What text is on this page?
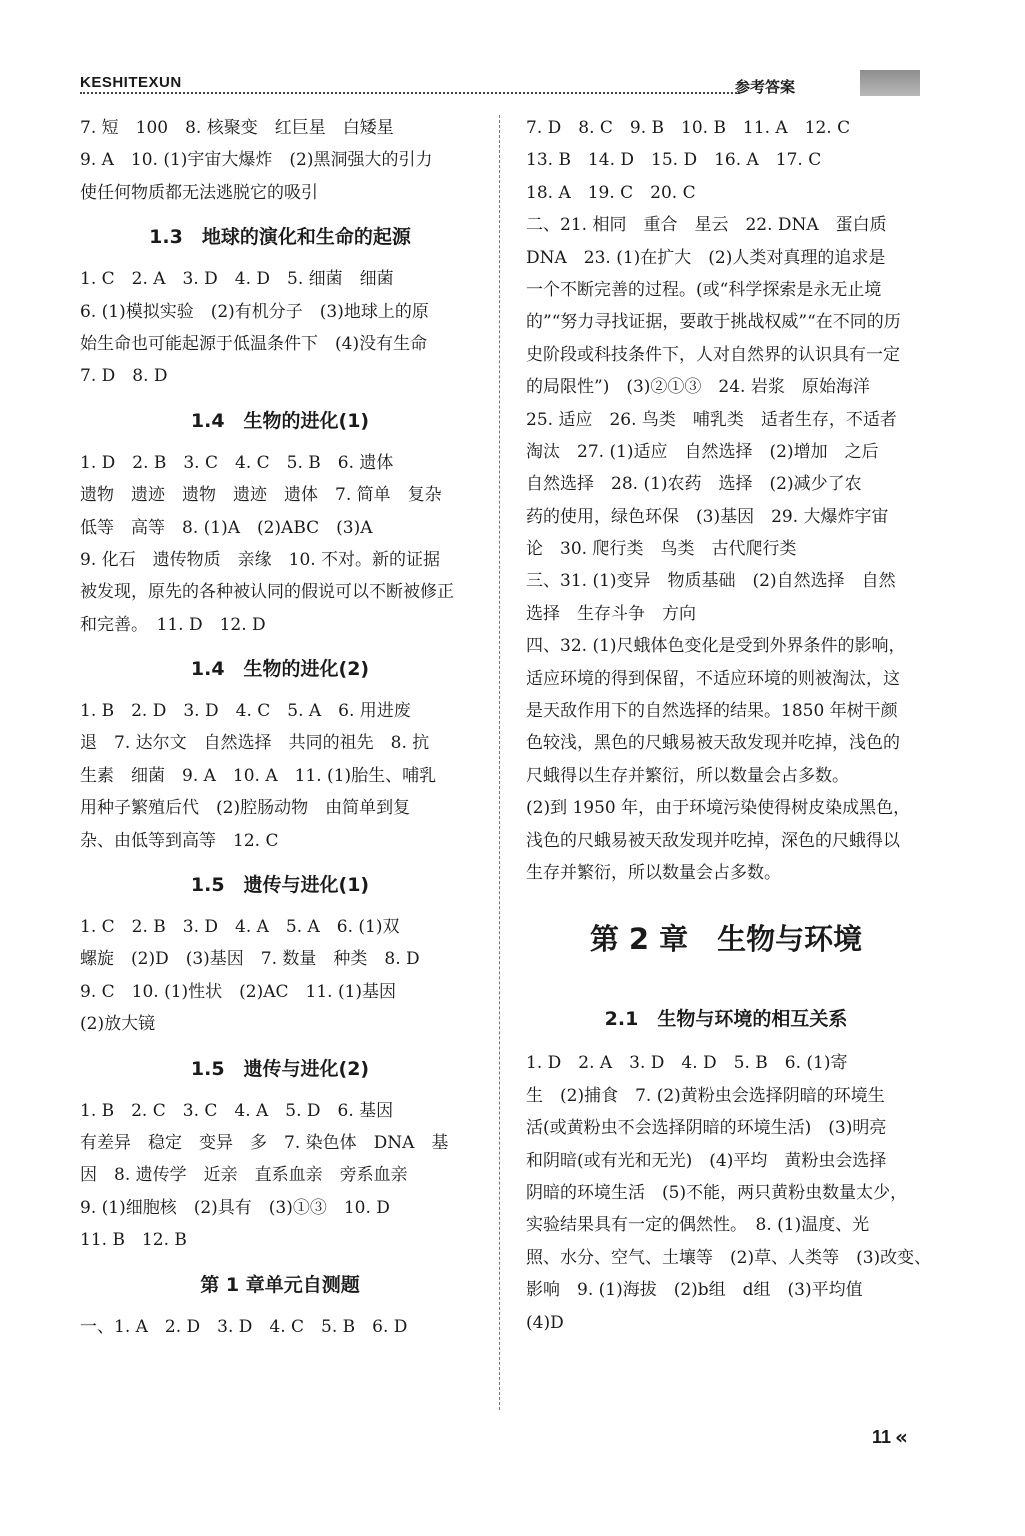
KESHITEXUN	参考答案
7. 短　100　8. 核聚变　红巨星　白矮星
9. A　10. (1)宇宙大爆炸　(2)黑洞强大的引力
使任何物质都无法逃脱它的吸引
1.3　地球的演化和生命的起源
1. C　2. A　3. D　4. D　5. 细菌　细菌
6. (1)模拟实验　(2)有机分子　(3)地球上的原
始生命也可能起源于低温条件下　(4)没有生命
7. D　8. D
1.4　生物的进化(1)
1. D　2. B　3. C　4. C　5. B　6. 遗体
遗物　遗迹　遗物　遗迹　遗体　7. 简单　复杂
低等　高等　8. (1)A　(2)ABC　(3)A
9. 化石　遗传物质　亲缘　10. 不对。新的证据
被发现，原先的各种被认同的假说可以不断被修正
和完善。　11. D　12. D
1.4　生物的进化(2)
1. B　2. D　3. D　4. C　5. A　6. 用进废
退　7. 达尔文　自然选择　共同的祖先　8. 抗
生素　细菌　9. A　10. A　11. (1)胎生、哺乳
用种子繁殖后代　(2)腔肠动物　由简单到复
杂、由低等到高等　12. C
1.5　遗传与进化(1)
1. C　2. B　3. D　4. A　5. A　6. (1)双
螺旋　(2)D　(3)基因　7. 数量　种类　8. D
9. C　10. (1)性状　(2)AC　11. (1)基因
(2)放大镜
1.5　遗传与进化(2)
1. B　2. C　3. C　4. A　5. D　6. 基因
有差异　稳定　变异　多　7. 染色体　DNA　基
因　8. 遗传学　近亲　直系血亲　旁系血亲
9. (1)细胞核　(2)具有　(3)①③　10. D
11. B　12. B
第 1 章单元自测题
一、1. A　2. D　3. D　4. C　5. B　6. D
7. D　8. C　9. B　10. B　11. A　12. C
13. B　14. D　15. D　16. A　17. C
18. A　19. C　20. C
二、21. 相同　重合　星云　22. DNA　蛋白质
DNA　23. (1)在扩大　(2)人类对真理的追求是
一个不断完善的过程。(或“科学探索是永无止境
的”“努力寻找证据，要敢于挑战权威”“在不同的历
史阶段或科技条件下，人对自然界的认识具有一定
的局限性”)　(3)②①③　24. 岩浆　原始海洋
25. 适应　26. 鸟类　哺乳类　适者生存，不适者
淘汰　27. (1)适应　自然选择　(2)增加　之后
自然选择　28. (1)农药　选择　(2)减少了农
药的使用，绿色环保　(3)基因　29. 大爆炸宇宙
论　30. 爬行类　鸟类　古代爬行类
三、31. (1)变异　物质基础　(2)自然选择　自然
选择　生存斗争　方向
四、32. (1)尺蛾体色变化是受到外界条件的影响，
适应环境的得到保留，不适应环境的则被淘汰，这
是天敌作用下的自然选择的结果。1850 年树干颜
色较浅，黑色的尺蛾易被天敌发现并吃掉，浅色的
尺蛾得以生存并繁衍，所以数量会占多数。
(2)到 1950 年，由于环境污染使得树皮染成黑色，
浅色的尺蛾易被天敌发现并吃掉，深色的尺蛾得以
生存并繁衍，所以数量会占多数。
第 2 章　生物与环境
2.1　生物与环境的相互关系
1. D　2. A　3. D　4. D　5. B　6. (1)寄
生　(2)捕食　7. (2)黄粉虫会选择阴暗的环境生
活(或黄粉虫不会选择阴暗的环境生活)　(3)明亮
和阴暗(或有光和无光)　(4)平均　黄粉虫会选择
阴暗的环境生活　(5)不能，两只黄粉虫数量太少，
实验结果具有一定的偶然性。　8. (1)温度、光
照、水分、空气、土壤等　(2)草、人类等　(3)改变、
影响　9. (1)海拔　(2)b组　d组　(3)平均值
(4)D
11 «
